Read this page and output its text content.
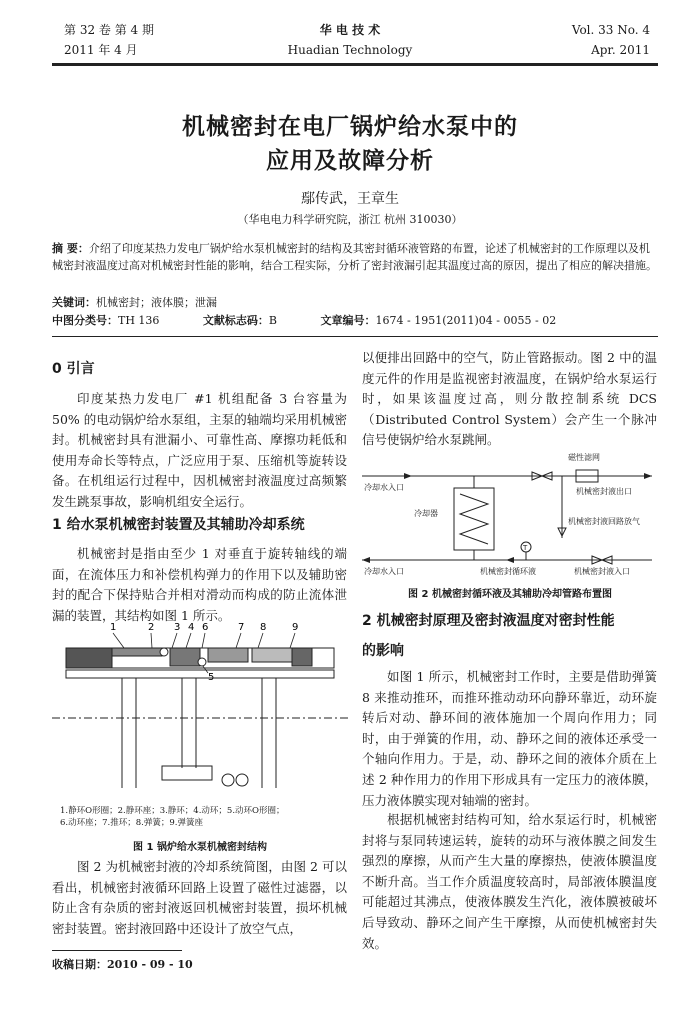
第 32 卷 第 4 期
2011 年 4 月
华 电 技 术
Huadian Technology
Vol. 33 No. 4
Apr. 2011
机械密封在电厂锅炉给水泵中的
应用及故障分析
鄢传武，王章生
（华电电力科学研究院，浙江 杭州 310030）
摘 要：介绍了印度某热力发电厂锅炉给水泵机械密封的结构及其密封循环液管路的布置，论述了机械密封的工作原理以及机械密封液温度过高对机械密封性能的影响，结合工程实际，分析了密封液漏引起其温度过高的原因，提出了相应的解决措施。
关键词：机械密封；液体膜；泄漏
中图分类号：TH 136	文献标志码：B	文章编号：1674 - 1951(2011)04 - 0055 - 02
0 引言

印度某热力发电厂 #1 机组配备 3 台容量为 50% 的电动锅炉给水泵组，主泵的轴端均采用机械密封。机械密封具有泄漏小、可靠性高、摩擦功耗低和使用寿命长等特点，广泛应用于泵、压缩机等旋转设备。在机组运行过程中，因机械密封液温度过高频繁发生跳泵事故，影响机组安全运行。

1 给水泵机械密封装置及其辅助冷却系统

机械密封是指由至少 1 对垂直于旋转轴线的端面，在流体压力和补偿机构弹力的作用下以及辅助密封的配合下保持贴合并相对滑动而构成的防止流体泄漏的装置，其结构如图 1 所示。

1	2 3 4 6	7 8	9
5
1.静环O形圈；2.静环座；3.静环；4.动环；5.动环O形圈；
6.动环座；7.推环；8.弹簧；9.弹簧座
图 1 锅炉给水泵机械密封结构

图 2 为机械密封液的冷却系统简图，由图 2 可以看出，机械密封液循环回路上设置了磁性过滤器，以防止含有杂质的密封液返回机械密封装置，损坏机械密封装置。密封液回路中还设计了放空气点，

收稿日期：2010 - 09 - 10

以便排出回路中的空气，防止管路振动。图 2 中的温度元件的作用是监视密封液温度，在锅炉给水泵运行时，如果该温度过高，则分散控制系统 DCS（Distributed Control System）会产生一个脉冲信号使锅炉给水泵跳闸。

磁性滤网
冷却水入口	机械密封液出口
冷却器
机械密封液回路放气
T
冷却水入口	机械密封循环液	机械密封液入口
图 2 机械密封循环液及其辅助冷却管路布置图
2 机械密封原理及密封液温度对密封性能
的影响

如图 1 所示，机械密封工作时，主要是借助弹簧 8 来推动推环，而推环推动动环向静环靠近，动环旋转后对动、静环间的液体施加一个周向作用力；同时，由于弹簧的作用，动、静环之间的液体还承受一个轴向作用力。于是，动、静环之间的液体介质在上述 2 种作用力的作用下形成具有一定压力的液体膜，压力液体膜实现对轴端的密封。

根据机械密封结构可知，给水泵运行时，机械密封将与泵同转速运转，旋转的动环与液体膜之间发生强烈的摩擦，从而产生大量的摩擦热，使液体膜温度不断升高。当工作介质温度较高时，局部液体膜温度可能超过其沸点，使液体膜发生汽化，液体膜被破坏后导致动、静环之间产生干摩擦，从而使机械密封失效。
